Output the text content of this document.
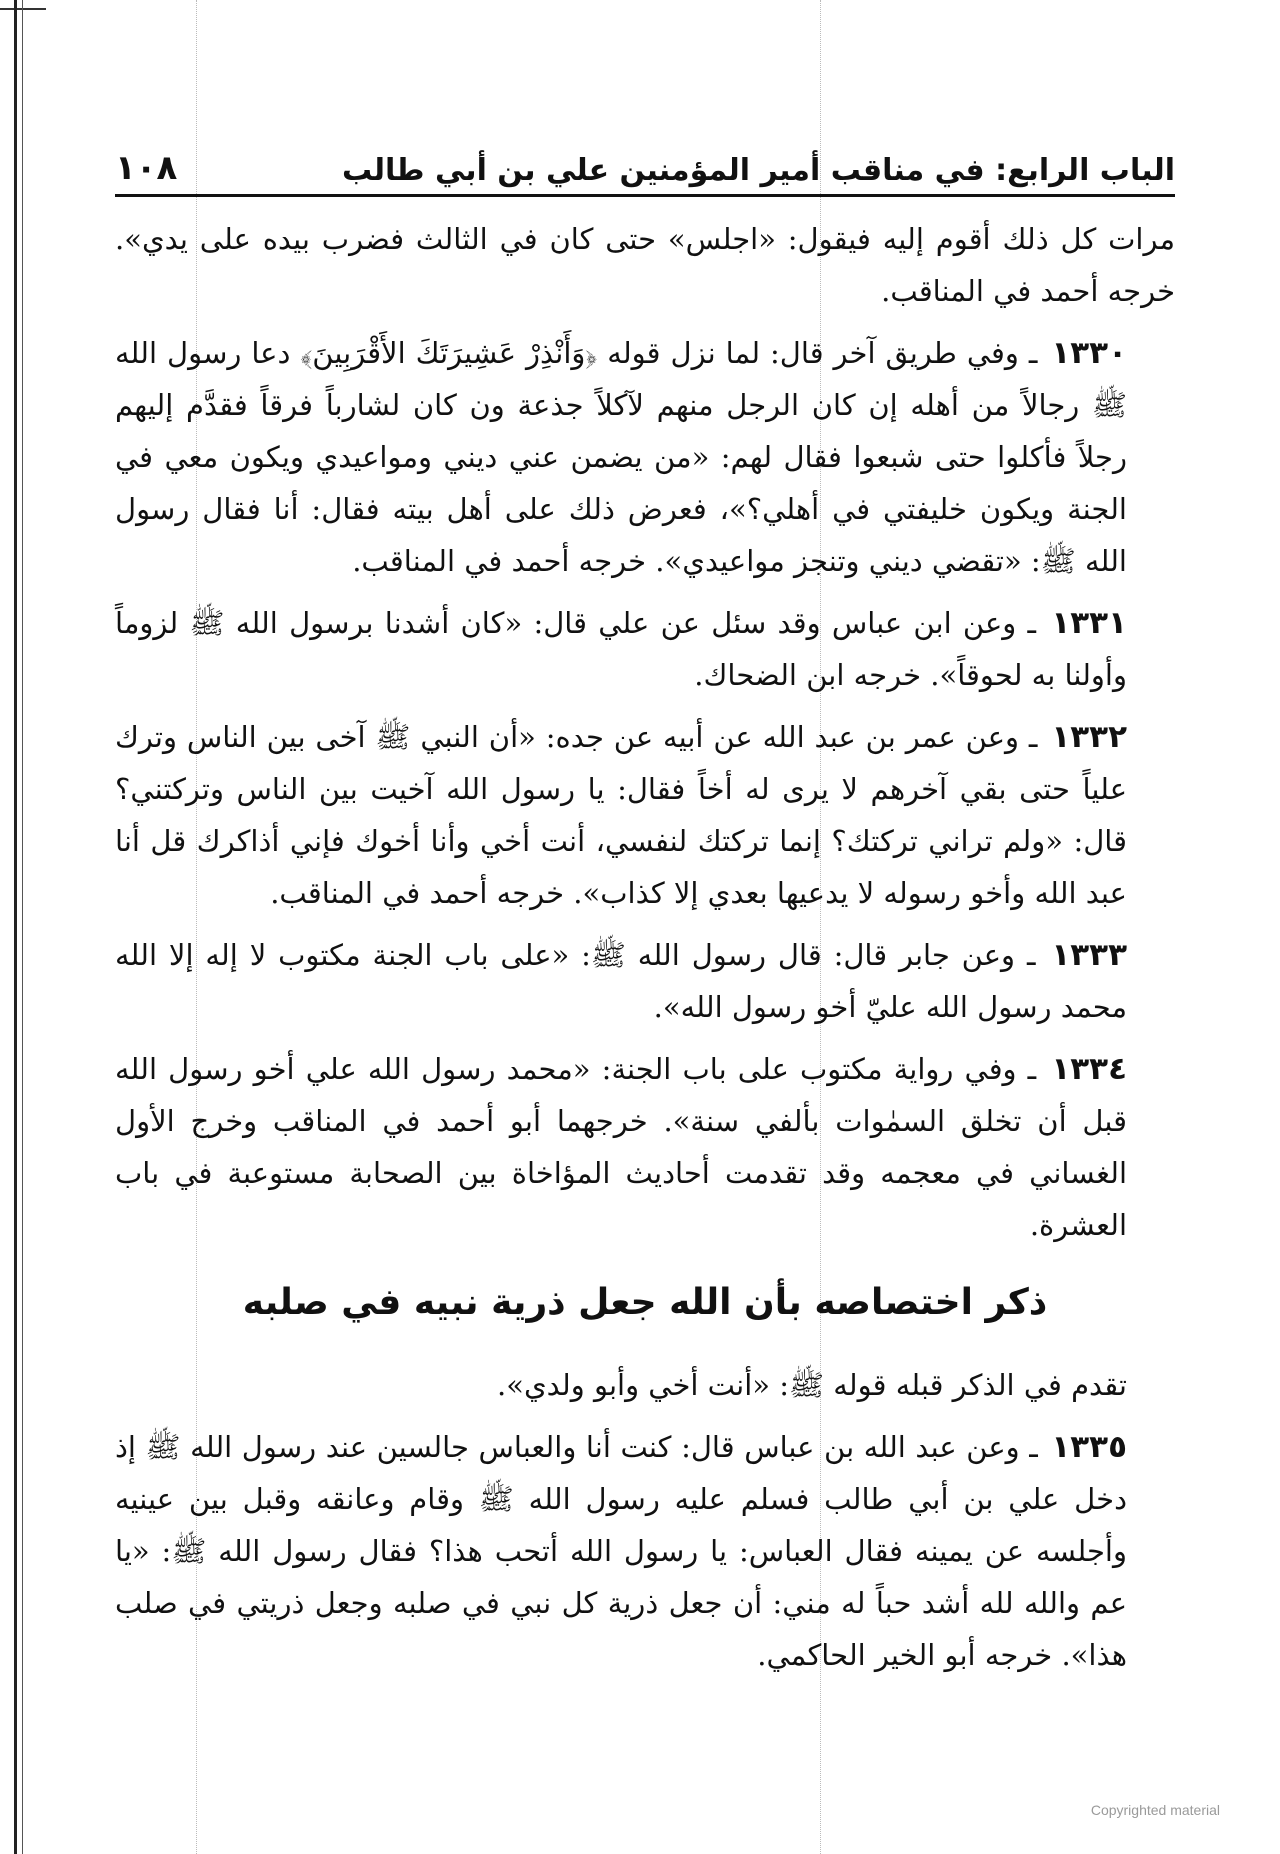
الباب الرابع: في مناقب أمير المؤمنين علي بن أبي طالب
١٠٨

مرات كل ذلك أقوم إليه فيقول: «اجلس» حتى كان في الثالث فضرب بيده على يدي». خرجه أحمد في المناقب.

١٣٣٠ ـ وفي طريق آخر قال: لما نزل قوله ﴿وَأَنْذِرْ عَشِيرَتَكَ الأَقْرَبِينَ﴾ دعا رسول الله ﷺ رجالاً من أهله إن كان الرجل منهم لآكلاً جذعة ون كان لشارباً فرقاً فقدَّم إليهم رجلاً فأكلوا حتى شبعوا فقال لهم: «من يضمن عني ديني ومواعيدي ويكون معي في الجنة ويكون خليفتي في أهلي؟»، فعرض ذلك على أهل بيته فقال: أنا فقال رسول الله ﷺ: «تقضي ديني وتنجز مواعيدي». خرجه أحمد في المناقب.

١٣٣١ ـ وعن ابن عباس وقد سئل عن علي قال: «كان أشدنا برسول الله ﷺ لزوماً وأولنا به لحوقاً». خرجه ابن الضحاك.

١٣٣٢ ـ وعن عمر بن عبد الله عن أبيه عن جده: «أن النبي ﷺ آخى بين الناس وترك علياً حتى بقي آخرهم لا يرى له أخاً فقال: يا رسول الله آخيت بين الناس وتركتني؟ قال: «ولم تراني تركتك؟ إنما تركتك لنفسي، أنت أخي وأنا أخوك فإني أذاكرك قل أنا عبد الله وأخو رسوله لا يدعيها بعدي إلا كذاب». خرجه أحمد في المناقب.

١٣٣٣ ـ وعن جابر قال: قال رسول الله ﷺ: «على باب الجنة مكتوب لا إله إلا الله محمد رسول الله عليّ أخو رسول الله».

١٣٣٤ ـ وفي رواية مكتوب على باب الجنة: «محمد رسول الله علي أخو رسول الله قبل أن تخلق السمٰوات بألفي سنة». خرجهما أبو أحمد في المناقب وخرج الأول الغساني في معجمه وقد تقدمت أحاديث المؤاخاة بين الصحابة مستوعبة في باب العشرة.

ذكر اختصاصه بأن الله جعل ذرية نبيه في صلبه

تقدم في الذكر قبله قوله ﷺ: «أنت أخي وأبو ولدي».

١٣٣٥ ـ وعن عبد الله بن عباس قال: كنت أنا والعباس جالسين عند رسول الله ﷺ إذ دخل علي بن أبي طالب فسلم عليه رسول الله ﷺ وقام وعانقه وقبل بين عينيه وأجلسه عن يمينه فقال العباس: يا رسول الله أتحب هذا؟ فقال رسول الله ﷺ: «يا عم والله لله أشد حباً له مني: أن جعل ذرية كل نبي في صلبه وجعل ذريتي في صلب هذا». خرجه أبو الخير الحاكمي.

Copyrighted material
